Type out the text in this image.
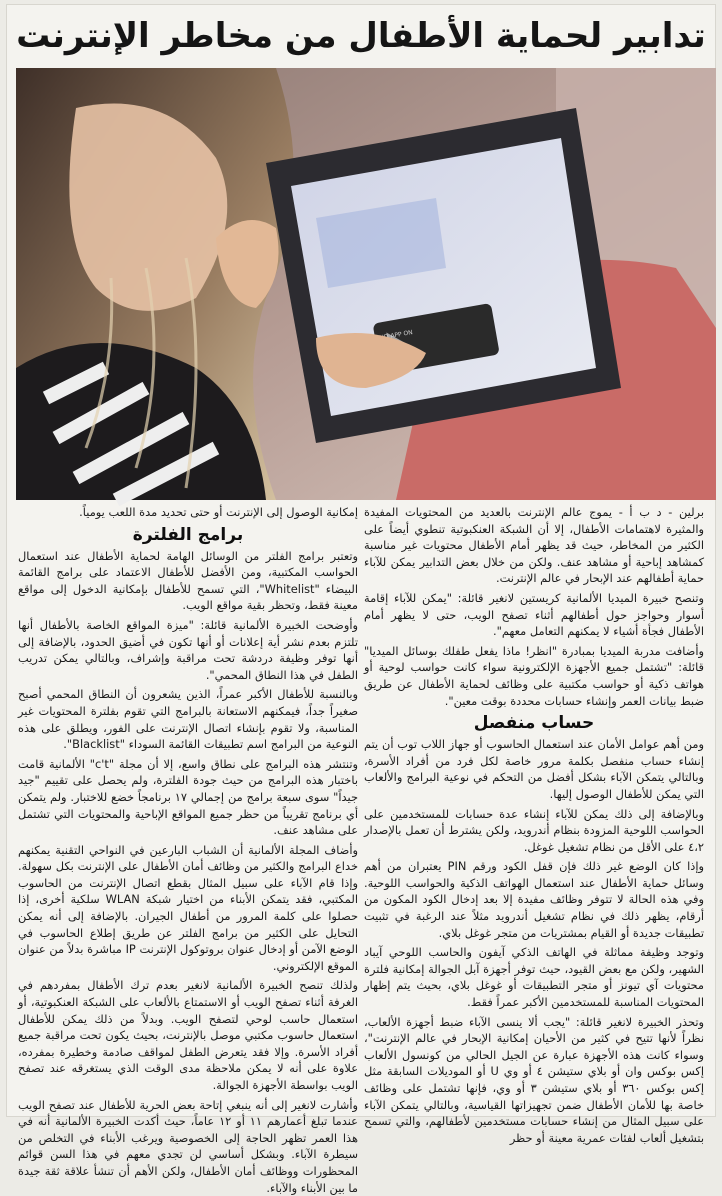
تدابير لحماية الأطفال من مخاطر الإنترنت

برلين - د ب أ - يموج عالم الإنترنت بالعديد من المحتويات المفيدة والمثيرة لاهتمامات الأطفال، إلا أن الشبكة العنكبوتية تنطوي أيضاً على الكثير من المخاطر، حيث قد يظهر أمام الأطفال محتويات غير مناسبة كمشاهد إباحية أو مشاهد عنف. ولكن من خلال بعض التدابير يمكن للآباء حماية أطفالهم عند الإبحار في عالم الإنترنت.

وتنصح خبيرة الميديا الألمانية كريستين لانغير قائلة: "يمكن للآباء إقامة أسوار وحواجز حول أطفالهم أثناء تصفح الويب، حتى لا يظهر أمام الأطفال فجأة أشياء لا يمكنهم التعامل معهم".

وأضافت مدربة الميديا بمبادرة "انظر! ماذا يفعل طفلك بوسائل الميديا" قائلة: "تشتمل جميع الأجهزة الإلكترونية سواء كانت حواسب لوحية أو هواتف ذكية أو حواسب مكتبية على وظائف لحماية الأطفال عن طريق ضبط بيانات العمر وإنشاء حسابات محددة بوقت معين".

حساب منفصل

ومن أهم عوامل الأمان عند استعمال الحاسوب أو جهاز اللاب توب أن يتم إنشاء حساب منفصل بكلمة مرور خاصة لكل فرد من أفراد الأسرة، وبالتالي يتمكن الآباء بشكل أفضل من التحكم في نوعية البرامج والألعاب التي يمكن للأطفال الوصول إليها.

وبالإضافة إلى ذلك يمكن للآباء إنشاء عدة حسابات للمستخدمين على الحواسب اللوحية المزودة بنظام أندرويد، ولكن يشترط أن تعمل بالإصدار ٤،٢ على الأقل من نظام تشغيل غوغل.

وإذا كان الوضع غير ذلك فإن قفل الكود ورقم PIN يعتبران من أهم وسائل حماية الأطفال عند استعمال الهواتف الذكية والحواسب اللوحية. وفي هذه الحالة لا تتوفر وظائف مفيدة إلا بعد إدخال الكود المكون من أرقام، يظهر ذلك في نظام تشغيل أندرويد مثلاً عند الرغبة في تثبيت تطبيقات جديدة أو القيام بمشتريات من متجر غوغل بلاي.

وتوجد وظيفة مماثلة في الهاتف الذكي آيفون والحاسب اللوحي آيباد الشهير، ولكن مع بعض القيود، حيث توفر أجهزة آبل الجوالة إمكانية فلترة محتويات آي تيونز أو متجر التطبيقات أو غوغل بلاي، بحيث يتم إظهار المحتويات المناسبة للمستخدمين الأكبر عمراً فقط.

وتحذر الخبيرة لانغير قائلة: "يجب ألا ينسى الآباء ضبط أجهزة الألعاب، نظراً لأنها تتيح في كثير من الأحيان إمكانية الإبحار في عالم الإنترنت"، وسواء كانت هذه الأجهزة عبارة عن الجيل الحالي من كونسول الألعاب إكس بوكس وان أو بلاي ستيشن ٤ أو وي U أو الموديلات السابقة مثل إكس بوكس ٣٦٠ أو بلاي ستيشن ٣ أو وي، فإنها تشتمل على وظائف خاصة بها للأمان الأطفال ضمن تجهيزاتها القياسية، وبالتالي يتمكن الآباء على سبيل المثال من إنشاء حسابات مستخدمين لأطفالهم، والتي تسمح بتشغيل ألعاب لفئات عمرية معينة أو حظر

إمكانية الوصول إلى الإنترنت أو حتى تحديد مدة اللعب يومياً.

برامج الفلترة

وتعتبر برامج الفلتر من الوسائل الهامة لحماية الأطفال عند استعمال الحواسب المكتبية، ومن الأفضل للأطفال الاعتماد على برامج القائمة البيضاء "Whitelist"، التي تسمح للأطفال بإمكانية الدخول إلى مواقع معينة فقط، وتحظر بقية مواقع الويب.

وأوضحت الخبيرة الألمانية قائلة: "ميزة المواقع الخاصة بالأطفال أنها تلتزم بعدم نشر أية إعلانات أو أنها تكون في أضيق الحدود، بالإضافة إلى أنها توفر وظيفة دردشة تحت مراقبة وإشراف، وبالتالي يمكن تدريب الطفل في هذا النطاق المحمي".

وبالنسبة للأطفال الأكبر عمراً، الذين يشعرون أن النطاق المحمي أصبح صغيراً جداً، فيمكنهم الاستعانة بالبرامج التي تقوم بفلترة المحتويات غير المناسبة، ولا تقوم بإنشاء اتصال الإنترنت على الفور، ويطلق على هذه النوعية من البرامج اسم تطبيقات القائمة السوداء "Blacklist".

وتنتشر هذه البرامج على نطاق واسع، إلا أن مجلة "c't" الألمانية قامت باختبار هذه البرامج من حيث جودة الفلترة، ولم يحصل على تقييم "جيد جيداً" سوى سبعة برامج من إجمالي ١٧ برنامجاً خضع للاختبار. ولم يتمكن أي برنامج تقريباً من حظر جميع المواقع الإباحية والمحتويات التي تشتمل على مشاهد عنف.

وأضاف المجلة الألمانية أن الشباب البارعين في النواحي التقنية يمكنهم خداع البرامج والكثير من وظائف أمان الأطفال على الإنترنت بكل سهولة. وإذا قام الآباء على سبيل المثال بقطع اتصال الإنترنت من الحاسوب المكتبي، فقد يتمكن الأبناء من اختيار شبكة WLAN سلكية أخرى، إذا حصلوا على كلمة المرور من أطفال الجيران. بالإضافة إلى أنه يمكن التحايل على الكثير من برامج الفلتر عن طريق إطلاع الحاسوب في الوضع الآمن أو إدخال عنوان بروتوكول الإنترنت IP مباشرة بدلاً من عنوان الموقع الإلكتروني.

ولذلك تنصح الخبيرة الألمانية لانغير بعدم ترك الأطفال بمفردهم في الغرفة أثناء تصفح الويب أو الاستمتاع بالألعاب على الشبكة العنكبوتية، أو استعمال حاسب لوحي لتصفح الويب. وبدلاً من ذلك يمكن للأطفال استعمال حاسوب مكتبي موصل بالإنترنت، بحيث يكون تحت مراقبة جميع أفراد الأسرة. وإلا فقد يتعرض الطفل لمواقف صادمة وخطيرة بمفرده، علاوة على أنه لا يمكن ملاحظة مدى الوقت الذي يستغرقه عند تصفح الويب بواسطة الأجهزة الجوالة.

وأشارت لانغير إلى أنه ينبغي إتاحة بعض الحرية للأطفال عند تصفح الويب عندما تبلغ أعمارهم ١١ أو ١٢ عاماً، حيث أكدت الخبيرة الألمانية أنه في هذا العمر تظهر الحاجة إلى الخصوصية ويرغب الأبناء في التخلص من سيطرة الآباء. وبشكل أساسي لن تجدي معهم في هذا السن قوائم المحظورات ووظائف أمان الأطفال، ولكن الأهم أن تنشأ علاقة ثقة جيدة ما بين الأبناء والآباء.
